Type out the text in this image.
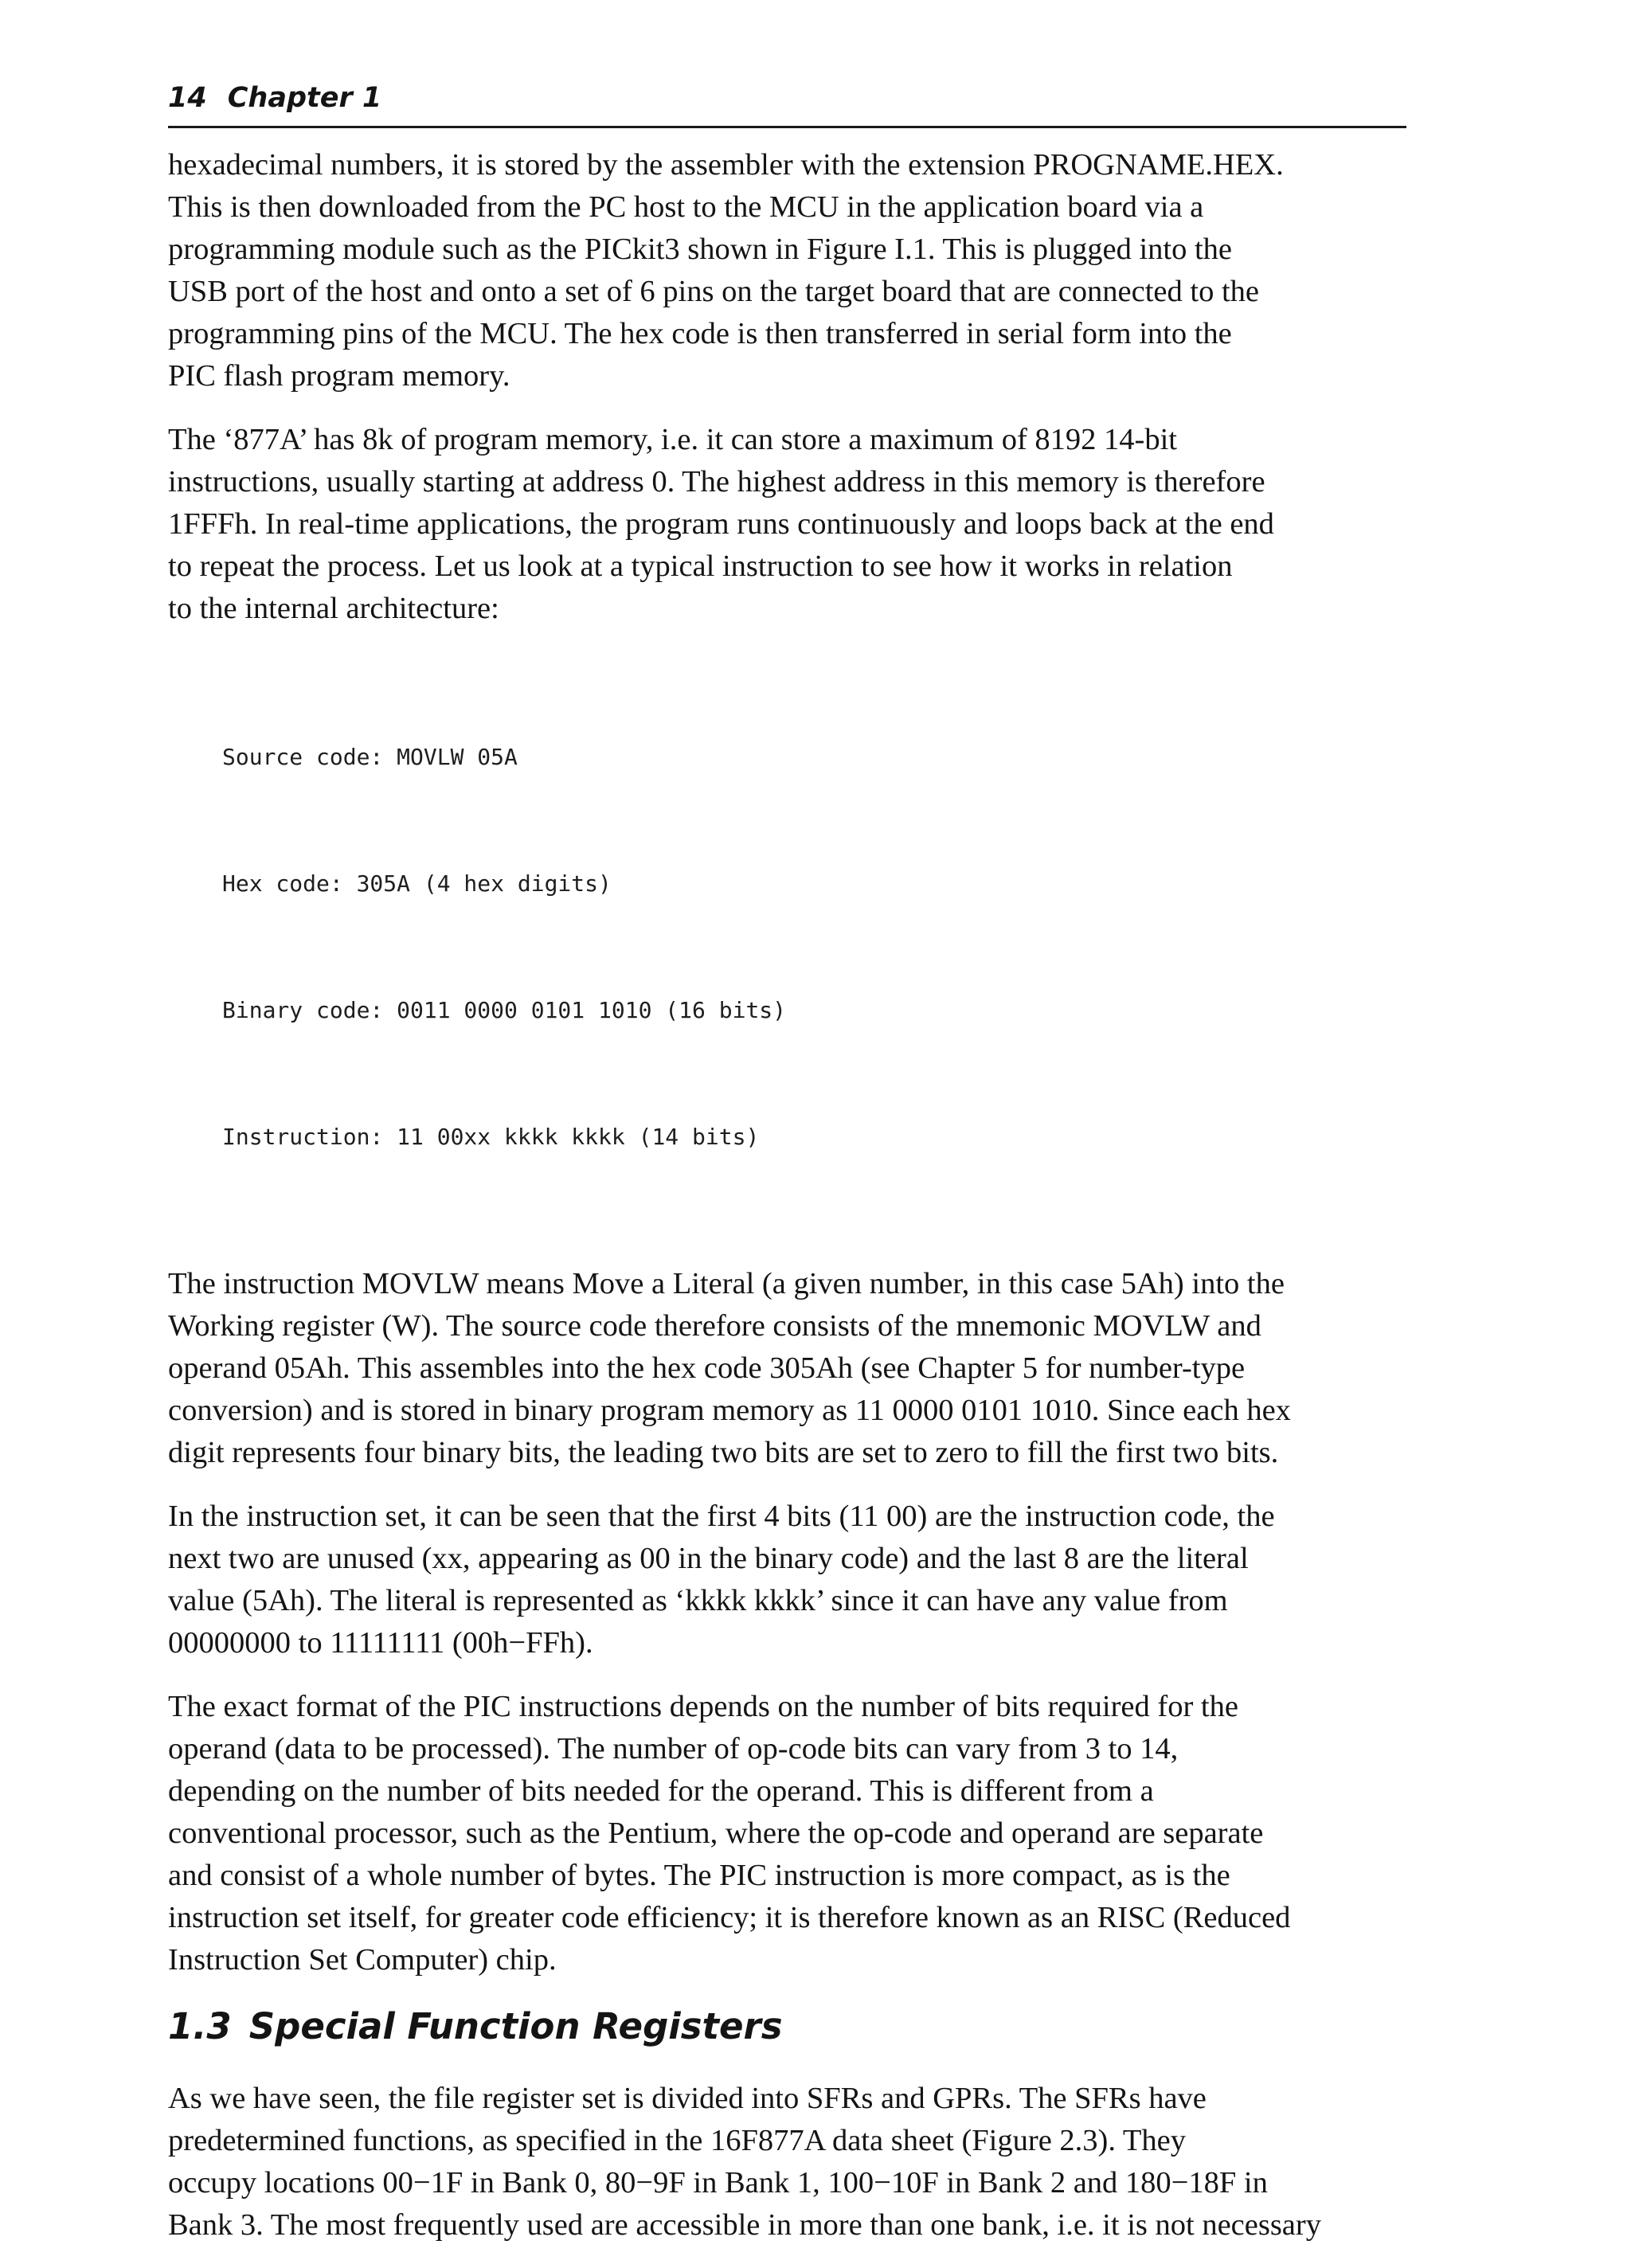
14 Chapter 1

hexadecimal numbers, it is stored by the assembler with the extension PROGNAME.HEX.
This is then downloaded from the PC host to the MCU in the application board via a
programming module such as the PICkit3 shown in Figure I.1. This is plugged into the
USB port of the host and onto a set of 6 pins on the target board that are connected to the
programming pins of the MCU. The hex code is then transferred in serial form into the
PIC flash program memory.

The ‘877A’ has 8k of program memory, i.e. it can store a maximum of 8192 14-bit
instructions, usually starting at address 0. The highest address in this memory is therefore
1FFFh. In real-time applications, the program runs continuously and loops back at the end
to repeat the process. Let us look at a typical instruction to see how it works in relation
to the internal architecture:

Source code: MOVLW 05A

Hex code: 305A (4 hex digits)

Binary code: 0011 0000 0101 1010 (16 bits)

Instruction: 11 00xx kkkk kkkk (14 bits)

The instruction MOVLW means Move a Literal (a given number, in this case 5Ah) into the
Working register (W). The source code therefore consists of the mnemonic MOVLW and
operand 05Ah. This assembles into the hex code 305Ah (see Chapter 5 for number-type
conversion) and is stored in binary program memory as 11 0000 0101 1010. Since each hex
digit represents four binary bits, the leading two bits are set to zero to fill the first two bits.

In the instruction set, it can be seen that the first 4 bits (11 00) are the instruction code, the
next two are unused (xx, appearing as 00 in the binary code) and the last 8 are the literal
value (5Ah). The literal is represented as ‘kkkk kkkk’ since it can have any value from
00000000 to 11111111 (00h−FFh).

The exact format of the PIC instructions depends on the number of bits required for the
operand (data to be processed). The number of op-code bits can vary from 3 to 14,
depending on the number of bits needed for the operand. This is different from a
conventional processor, such as the Pentium, where the op-code and operand are separate
and consist of a whole number of bytes. The PIC instruction is more compact, as is the
instruction set itself, for greater code efficiency; it is therefore known as an RISC (Reduced
Instruction Set Computer) chip.

1.3 Special Function Registers

As we have seen, the file register set is divided into SFRs and GPRs. The SFRs have
predetermined functions, as specified in the 16F877A data sheet (Figure 2.3). They
occupy locations 00−1F in Bank 0, 80−9F in Bank 1, 100−10F in Bank 2 and 180−18F in
Bank 3. The most frequently used are accessible in more than one bank, i.e. it is not necessary
